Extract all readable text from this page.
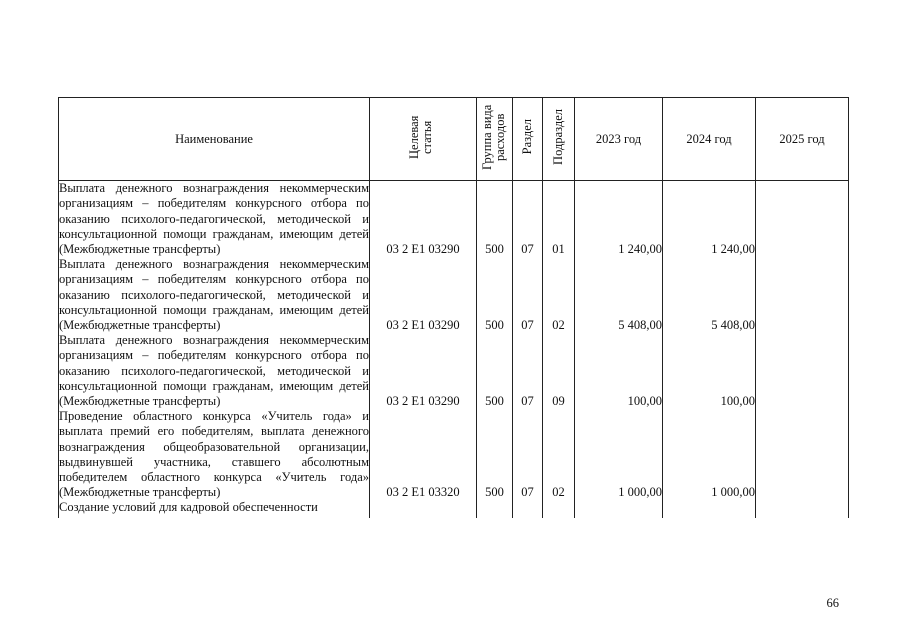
Наименование	Целевая статья	Группа вида расходов	Раздел	Подраздел	2023 год	2024 год	2025 год

Выплата денежного вознаграждения некоммерческим организациям – победителям конкурсного отбора по оказанию психолого-педагогической, методической и консультационной помощи гражданам, имеющим детей (Межбюджетные трансферты)	03 2 E1 03290	500	07	01	1 240,00	1 240,00	

Выплата денежного вознаграждения некоммерческим организациям – победителям конкурсного отбора по оказанию психолого-педагогической, методической и консультационной помощи гражданам, имеющим детей (Межбюджетные трансферты)	03 2 E1 03290	500	07	02	5 408,00	5 408,00	

Выплата денежного вознаграждения некоммерческим организациям – победителям конкурсного отбора по оказанию психолого-педагогической, методической и консультационной помощи гражданам, имеющим детей (Межбюджетные трансферты)	03 2 E1 03290	500	07	09	100,00	100,00	

Проведение областного конкурса «Учитель года» и выплата премий его победителям, выплата денежного вознаграждения общеобразовательной организации, выдвинувшей участника, ставшего абсолютным победителем областного конкурса «Учитель года» (Межбюджетные трансферты)	03 2 E1 03320	500	07	02	1 000,00	1 000,00	

Создание условий для кадровой обеспеченности							

66
